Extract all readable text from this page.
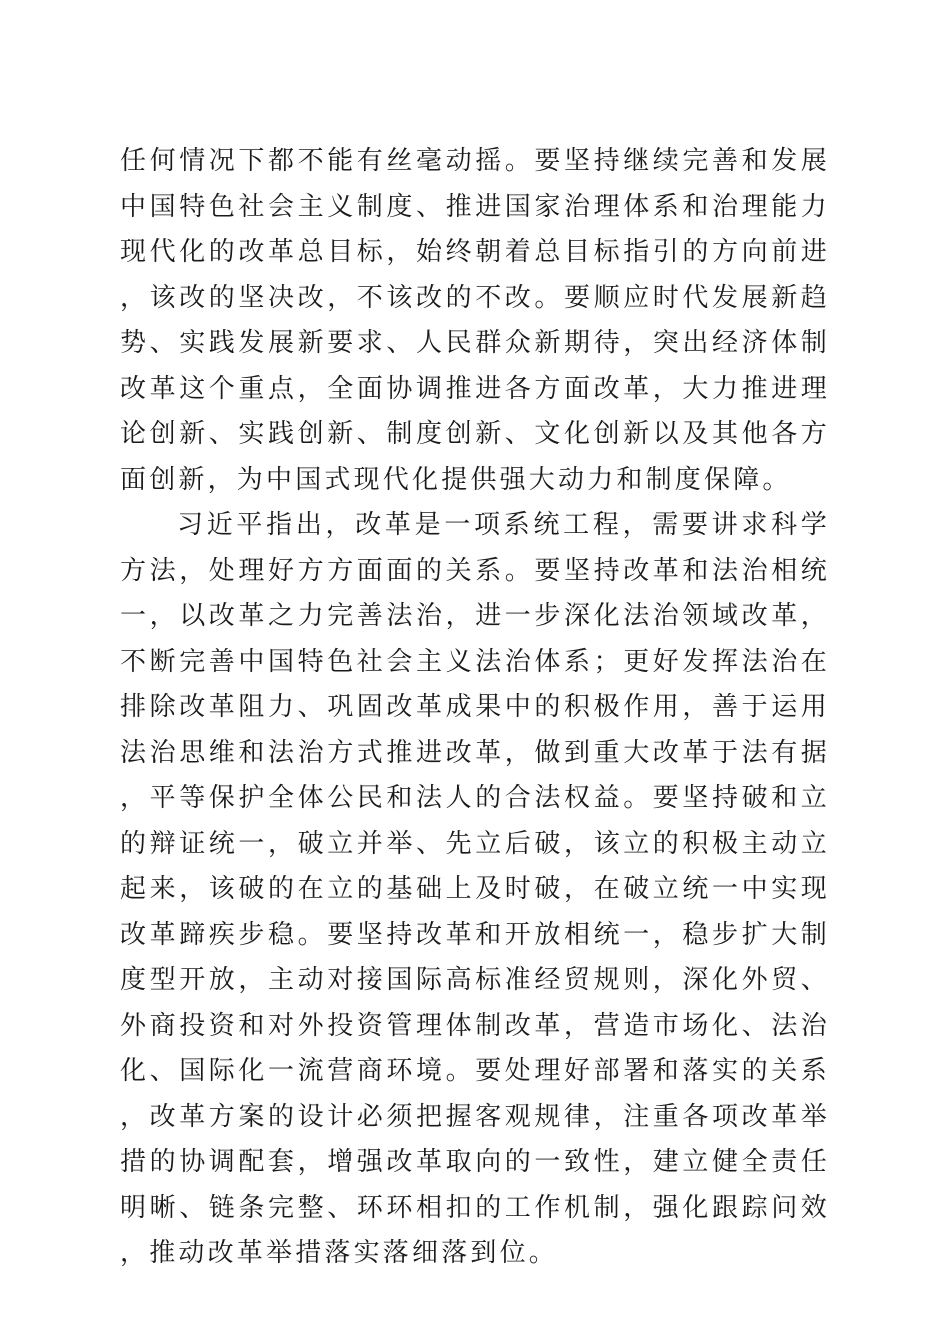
任何情况下都不能有丝毫动摇。要坚持继续完善和发展中国特色社会主义制度、推进国家治理体系和治理能力现代化的改革总目标，始终朝着总目标指引的方向前进，该改的坚决改，不该改的不改。要顺应时代发展新趋势、实践发展新要求、人民群众新期待，突出经济体制改革这个重点，全面协调推进各方面改革，大力推进理论创新、实践创新、制度创新、文化创新以及其他各方面创新，为中国式现代化提供强大动力和制度保障。

习近平指出，改革是一项系统工程，需要讲求科学方法，处理好方方面面的关系。要坚持改革和法治相统一，以改革之力完善法治，进一步深化法治领域改革，不断完善中国特色社会主义法治体系；更好发挥法治在排除改革阻力、巩固改革成果中的积极作用，善于运用法治思维和法治方式推进改革，做到重大改革于法有据，平等保护全体公民和法人的合法权益。要坚持破和立的辩证统一，破立并举、先立后破，该立的积极主动立起来，该破的在立的基础上及时破，在破立统一中实现改革蹄疾步稳。要坚持改革和开放相统一，稳步扩大制度型开放，主动对接国际高标准经贸规则，深化外贸、外商投资和对外投资管理体制改革，营造市场化、法治化、国际化一流营商环境。要处理好部署和落实的关系，改革方案的设计必须把握客观规律，注重各项改革举措的协调配套，增强改革取向的一致性，建立健全责任明晰、链条完整、环环相扣的工作机制，强化跟踪问效，推动改革举措落实落细落到位。
